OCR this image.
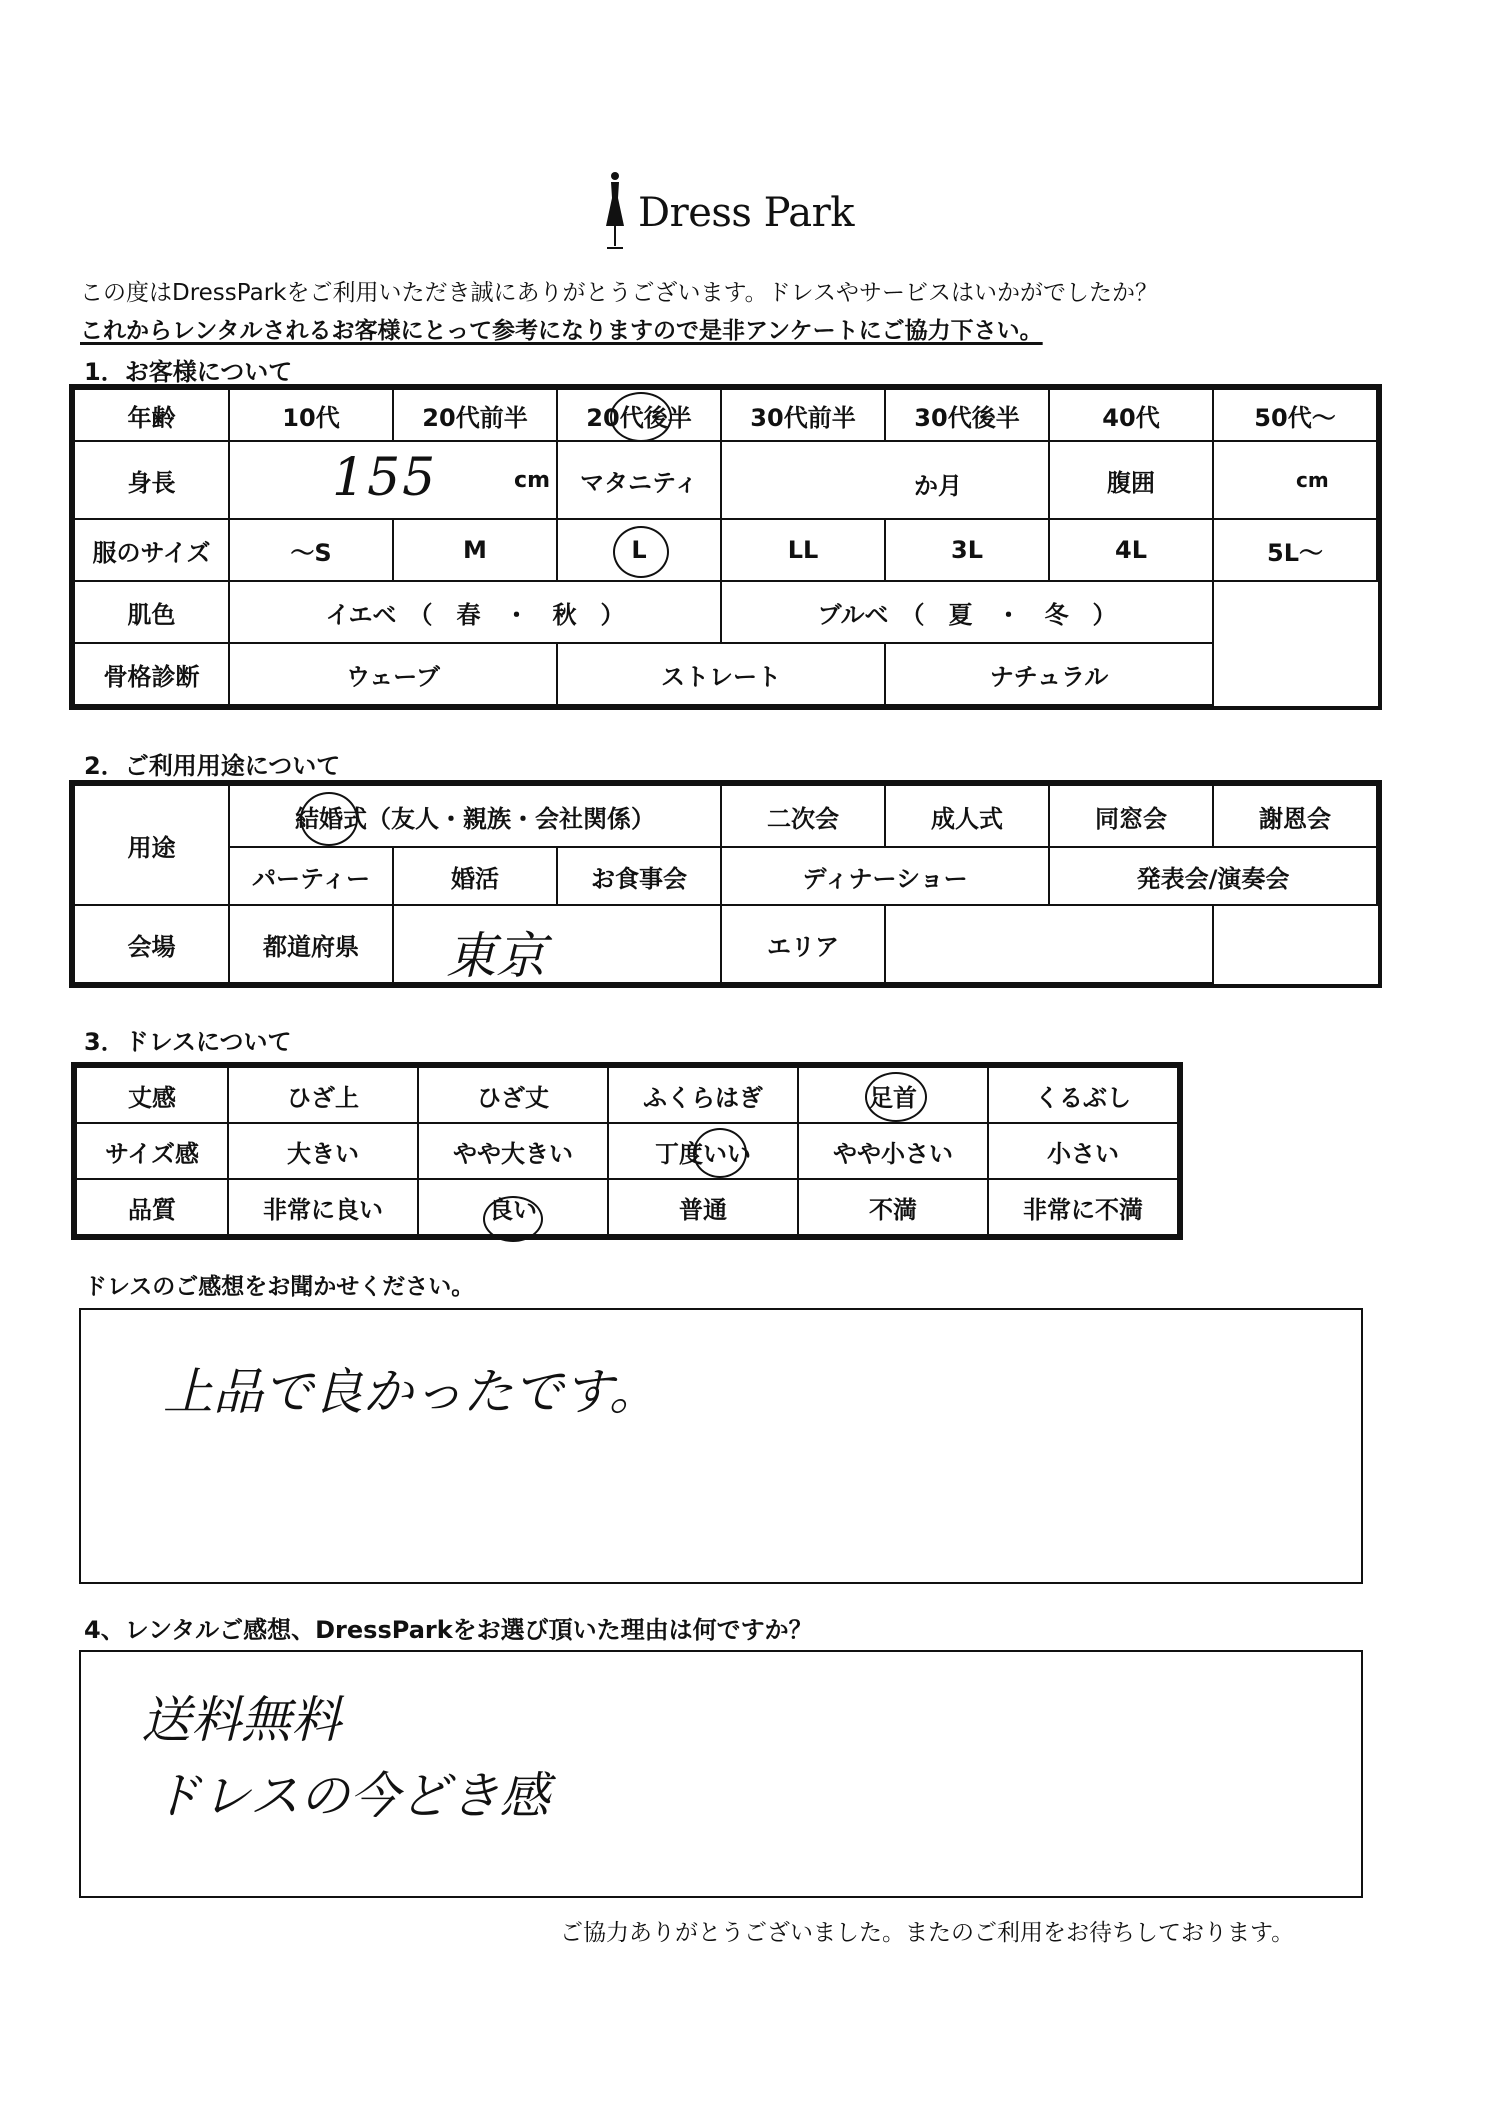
Dress Park
この度はDressParkをご利用いただき誠にありがとうございます。ドレスやサービスはいかがでしたか？
これからレンタルされるお客様にとって参考になりますので是非アンケートにご協力下さい。
1．お客様について
年齢	10代	20代前半	20代後半	30代前半	30代後半	40代	50代～
身長	155 cm		マタニティ	か月		腹囲	cm

服のサイズ	～S	M	L	LL	3L	4L	5L～
肌色	イエベ　（　春　・　秋　）			ブルベ　（　夏　・　冬　）			
骨格診断	ウェーブ		ストレート		ナチュラル		
2．ご利用用途について
用途	結婚式（友人・親族・会社関係）			二次会	成人式	同窓会	謝恩会
	パーティー	婚活	お食事会	ディナーショー		発表会/演奏会	
会場	都道府県	東京		エリア			
3．ドレスについて
丈感	ひざ上	ひざ丈	ふくらはぎ	足首	くるぶし
サイズ感	大きい	やや大きい	丁度いい	やや小さい	小さい
品質	非常に良い	良い	普通	不満	非常に不満
ドレスのご感想をお聞かせください。
上品で良かったです。
4、レンタルご感想、DressParkをお選び頂いた理由は何ですか？
送料無料
ドレスの今どき感
ご協力ありがとうございました。またのご利用をお待ちしております。
